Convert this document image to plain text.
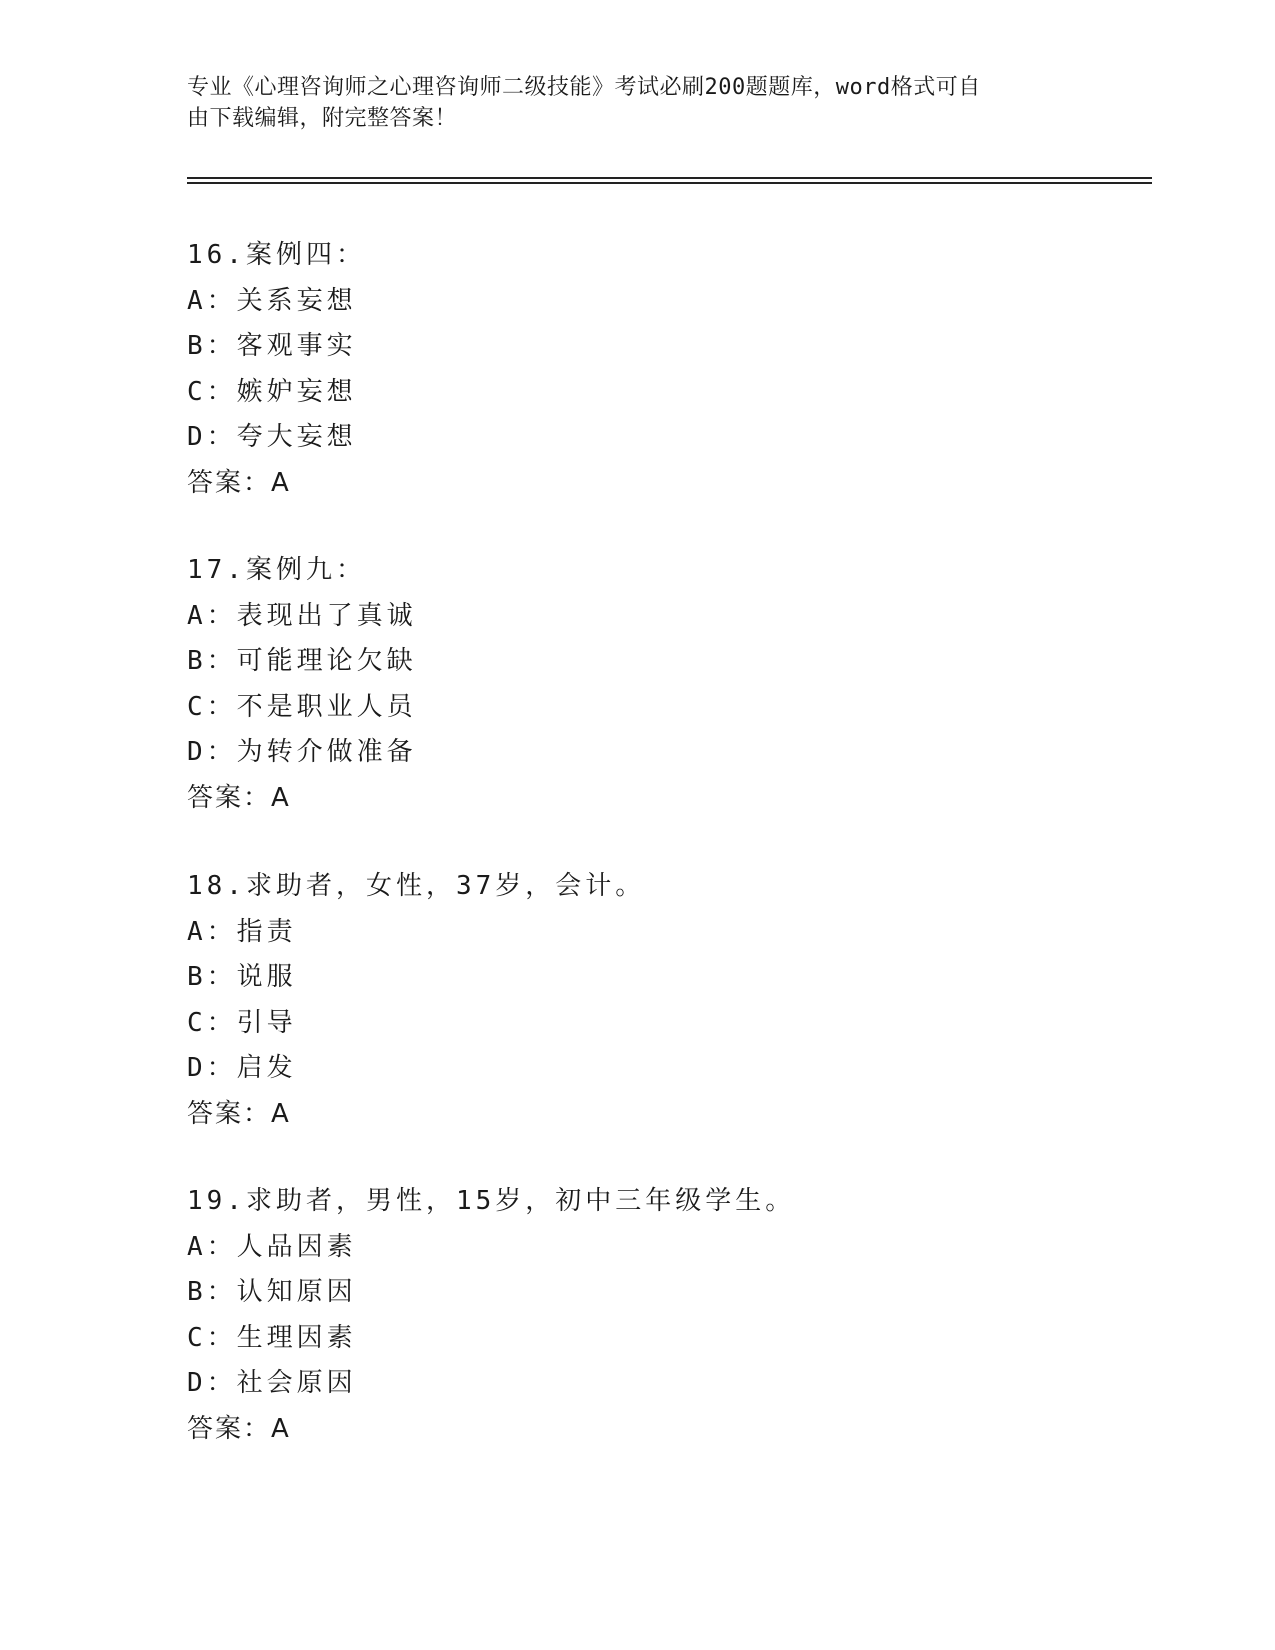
专业《心理咨询师之心理咨询师二级技能》考试必刷200题题库，word格式可自
由下载编辑，附完整答案！
16.案例四：
A：关系妄想
B：客观事实
C：嫉妒妄想
D：夸大妄想
答案：A
17.案例九：
A：表现出了真诚
B：可能理论欠缺
C：不是职业人员
D：为转介做准备
答案：A
18.求助者，女性，37岁，会计。
A：指责
B：说服
C：引导
D：启发
答案：A
19.求助者，男性，15岁，初中三年级学生。
A：人品因素
B：认知原因
C：生理因素
D：社会原因
答案：A
